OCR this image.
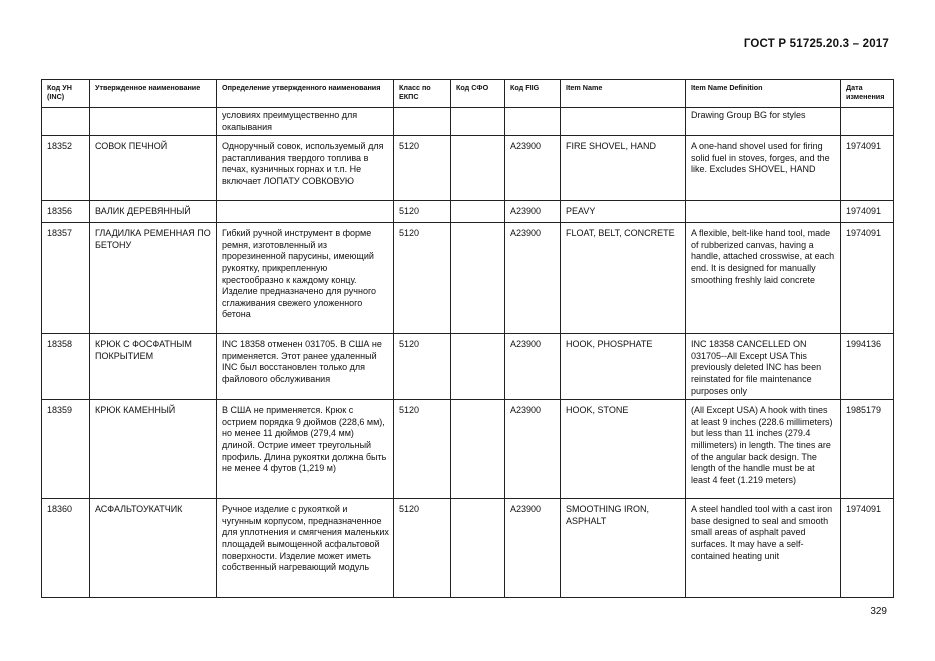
ГОСТ Р 51725.20.3 – 2017
Код УН (INC)	Утвержденное наименование	Определение утвержденного наименования	Класс по ЕКПС	Код СФО	Код FIIG	Item Name	Item Name Definition	Дата изменения
		условиях преимущественно для окапывания					Drawing Group BG for styles	
18352	СОВОК ПЕЧНОЙ	Одноручный совок, используемый для растапливания твердого топлива в печах, кузничных горнах и т.п. Не включает ЛОПАТУ СОВКОВУЮ	5120		A23900	FIRE SHOVEL, HAND	A one-hand shovel used for firing solid fuel in stoves, forges, and the like. Excludes SHOVEL, HAND	1974091
18356	ВАЛИК ДЕРЕВЯННЫЙ		5120		A23900	PEAVY		1974091
18357	ГЛАДИЛКА РЕМЕННАЯ ПО БЕТОНУ	Гибкий ручной инструмент в форме ремня, изготовленный из прорезиненной парусины, имеющий рукоятку, прикрепленную крестообразно к каждому концу. Изделие предназначено для ручного сглаживания свежего уложенного бетона	5120		A23900	FLOAT, BELT, CONCRETE	A flexible, belt-like hand tool, made of rubberized canvas, having a handle, attached crosswise, at each end. It is designed for manually smoothing freshly laid concrete	1974091
18358	КРЮК С ФОСФАТНЫМ ПОКРЫТИЕМ	INC 18358 отменен 031705. В США не применяется. Этот ранее удаленный INC был восстановлен только для файлового обслуживания	5120		A23900	HOOK, PHOSPHATE	INC 18358 CANCELLED ON 031705--All Except USA This previously deleted INC has been reinstated for file maintenance purposes only	1994136
18359	КРЮК КАМЕННЫЙ	В США не применяется. Крюк с острием порядка 9 дюймов (228,6 мм), но менее 11 дюймов (279,4 мм) длиной. Острие имеет треугольный профиль. Длина рукоятки должна быть не менее 4 футов (1,219 м)	5120		A23900	HOOK, STONE	(All Except USA) A hook with tines at least 9 inches (228.6 millimeters) but less than 11 inches (279.4 millimeters) in length. The tines are of the angular back design. The length of the handle must be at least 4 feet (1.219 meters)	1985179
18360	АСФАЛЬТОУКАТЧИК	Ручное изделие с рукояткой и чугунным корпусом, предназначенное для уплотнения и смягчения маленьких площадей вымощенной асфальтовой поверхности. Изделие может иметь собственный нагревающий модуль	5120		A23900	SMOOTHING IRON, ASPHALT	A steel handled tool with a cast iron base designed to seal and smooth small areas of asphalt paved surfaces. It may have a self-contained heating unit	1974091
329
